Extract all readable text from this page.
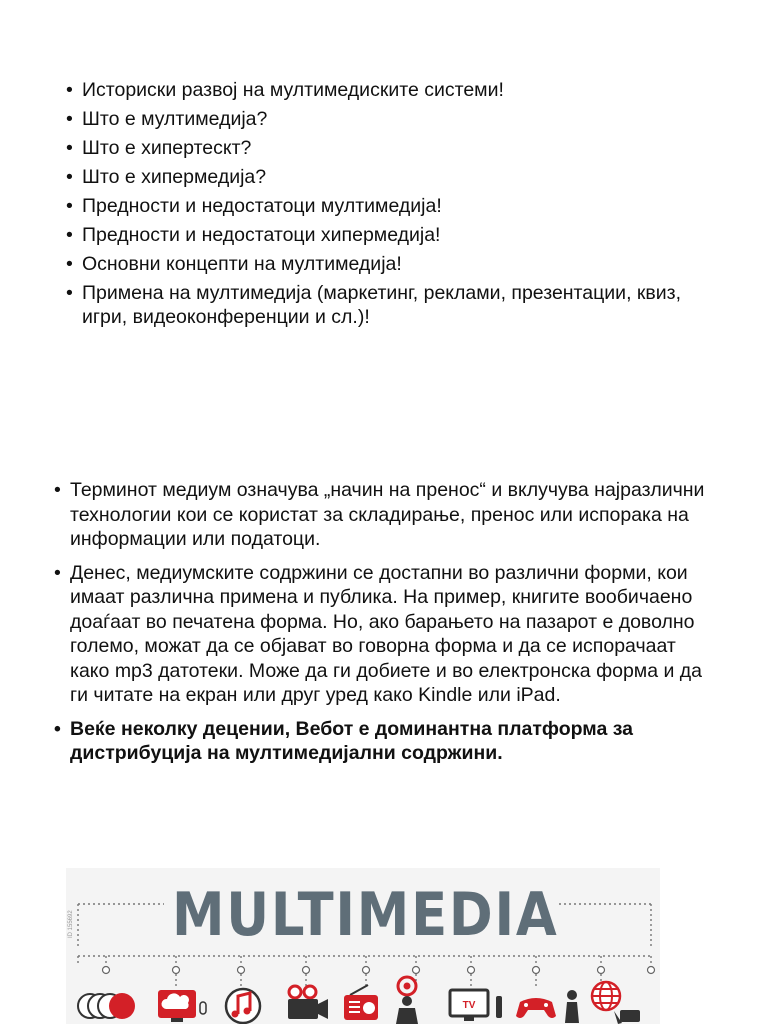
• Историски развој на мултимедиските системи!
• Што е мултимедија?
• Што е хипертескт?
• Што е хипермедија?
• Предности и недостатоци мултимедија!
• Предности и недостатоци хипермедија!
• Основни концепти на мултимедија!
• Примена на мултимедија (маркетинг, реклами, презентации, квиз, игри, видеоконференции и сл.)!
• Терминот медиум означува „начин на пренос“ и вклучува најразлични технологии кои се користат за складирање, пренос или испорака на информации или податоци.
• Денес, медиумските содржини се достапни во различни форми, кои имаат различна примена и публика. На пример, книгите вообичаено доаѓаат во печатена форма. Но, ако барањето на пазарот е доволно големо, можат да се објават во говорна форма и да се испорачаат како mp3 датотеки. Може да ги добиете и во електронска форма и да ги читате на екран или друг уред како Kindle или iPad.
• Веќе неколку децении, Вебот е доминантна платформа за дистрибуција на мултимедијални содржини.
MULTIMEDIA
ID 155692
TV
